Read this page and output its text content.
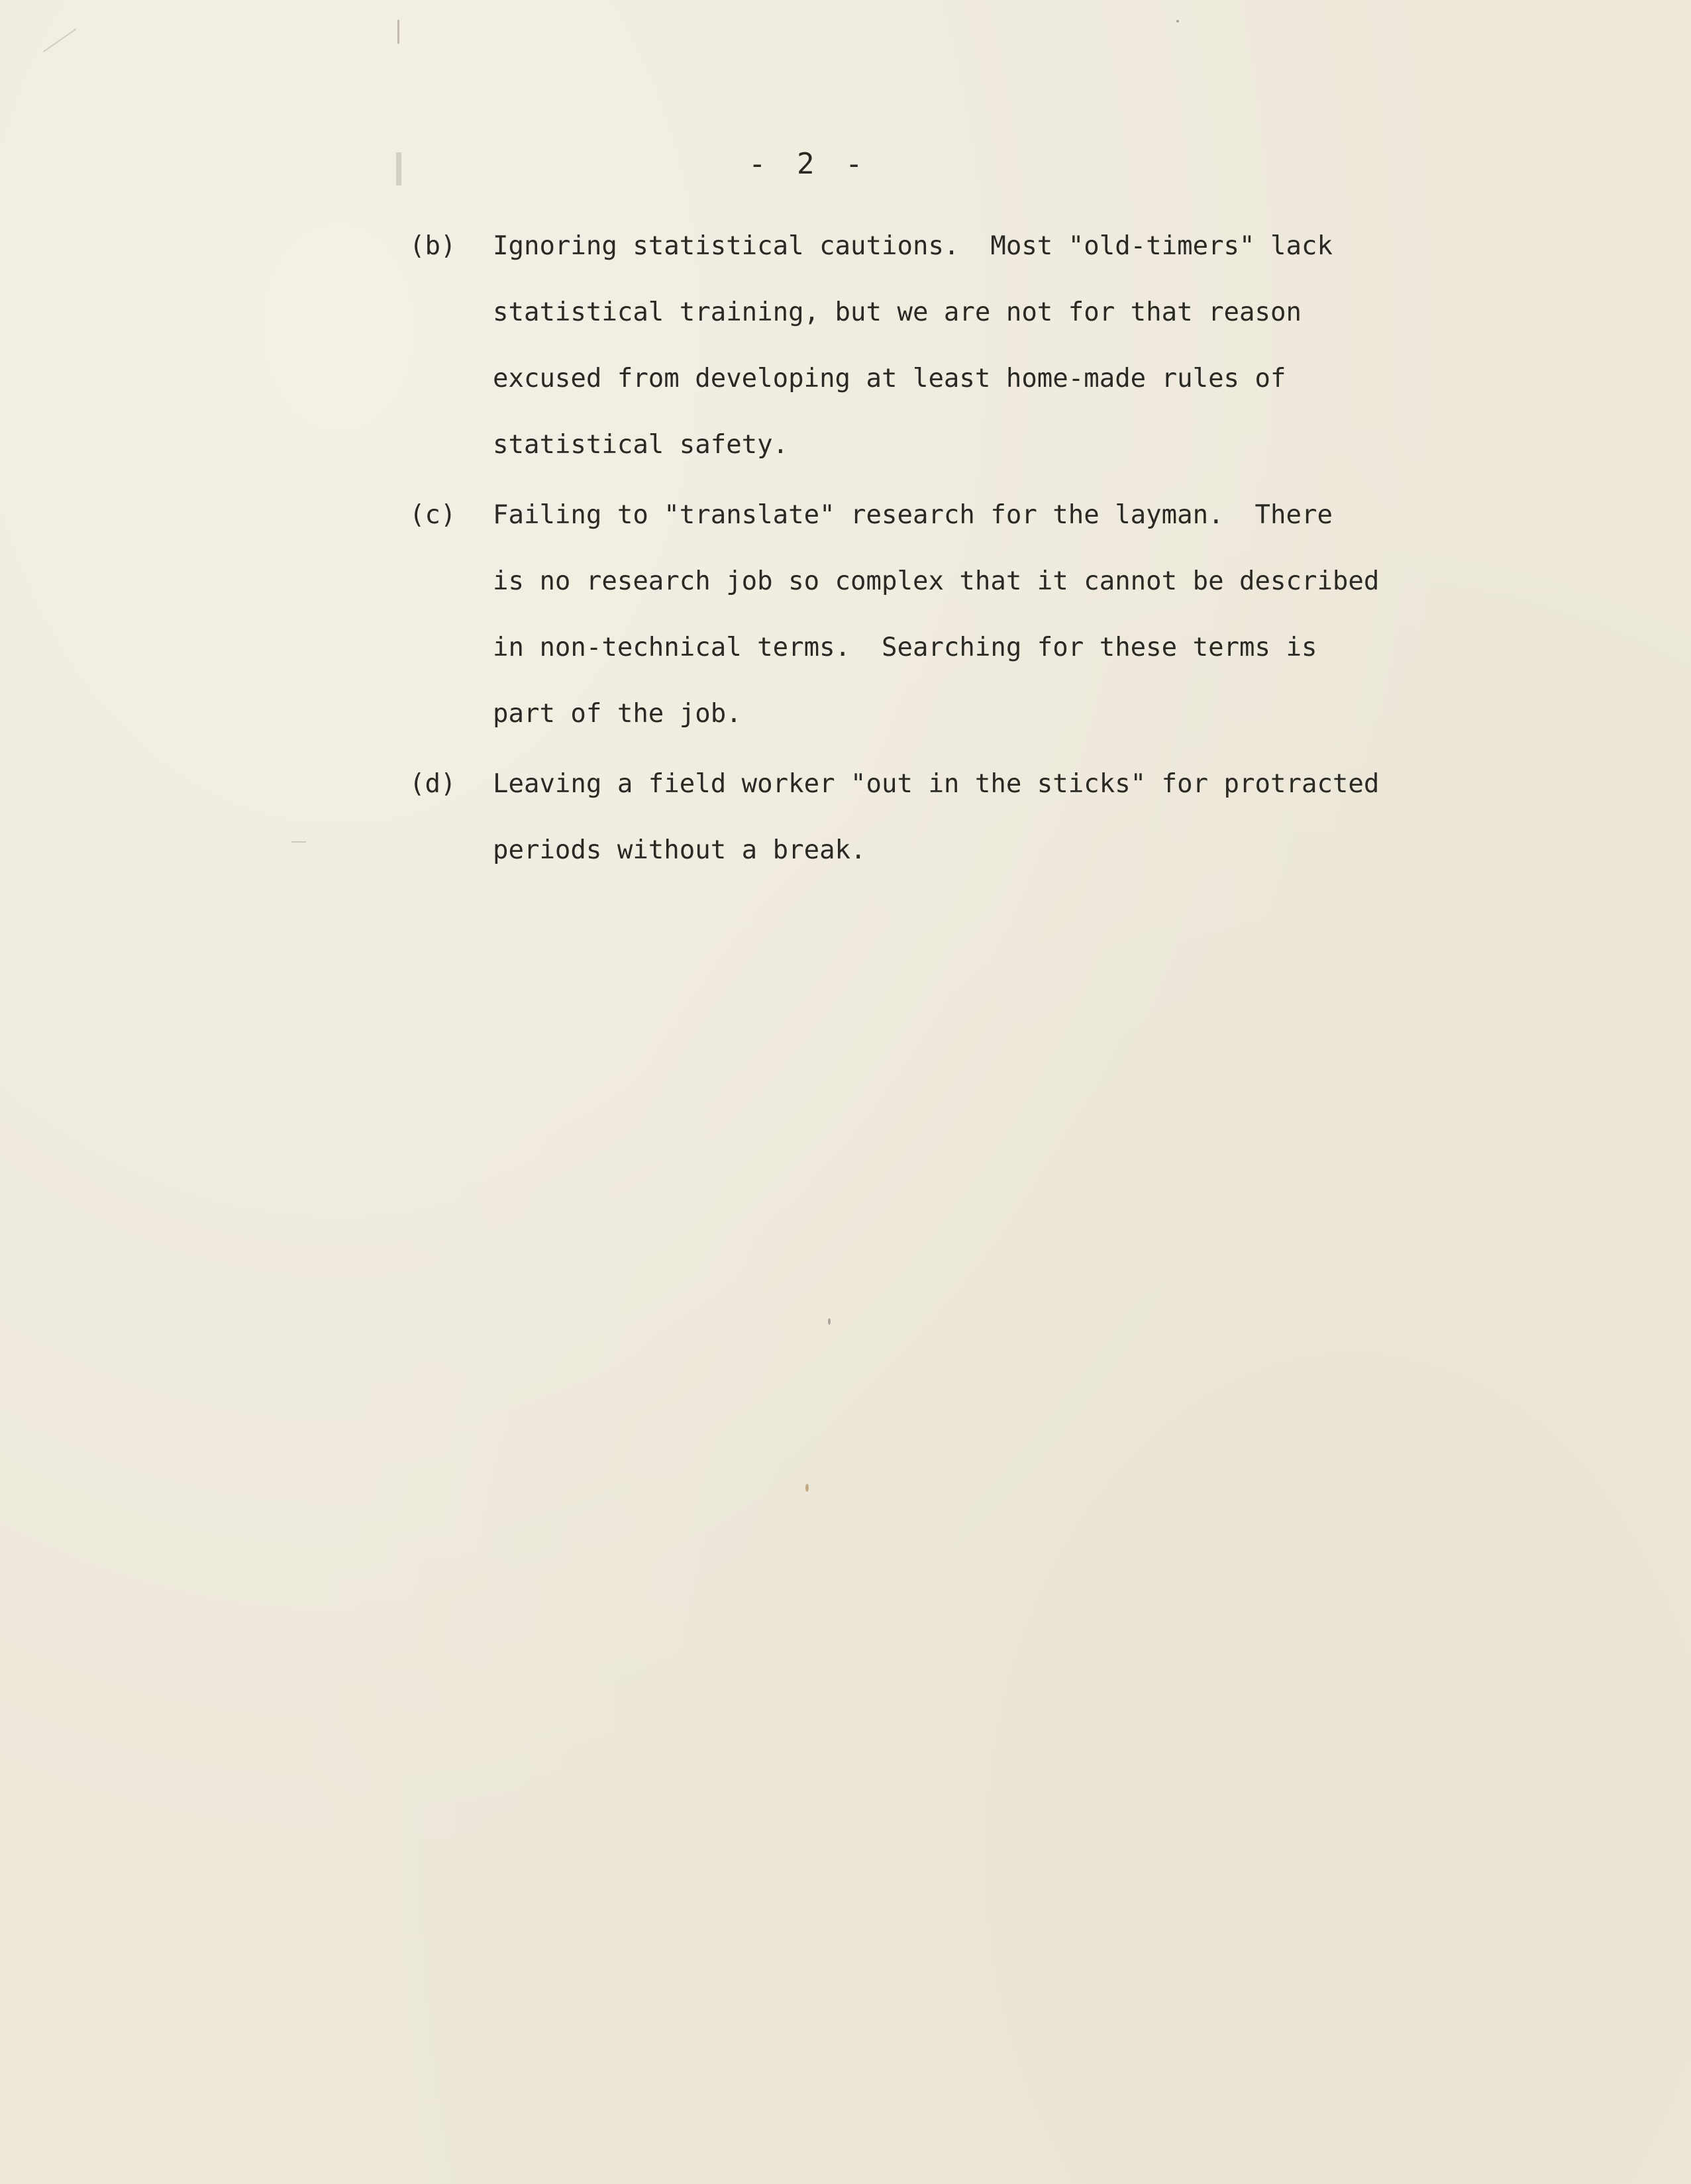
- 2 -
(b) Ignoring statistical cautions.  Most "old-timers" lack
statistical training, but we are not for that reason
excused from developing at least home-made rules of
statistical safety.
(c) Failing to "translate" research for the layman.  There
is no research job so complex that it cannot be described
in non-technical terms.  Searching for these terms is
part of the job.
(d) Leaving a field worker "out in the sticks" for protracted
periods without a break.
